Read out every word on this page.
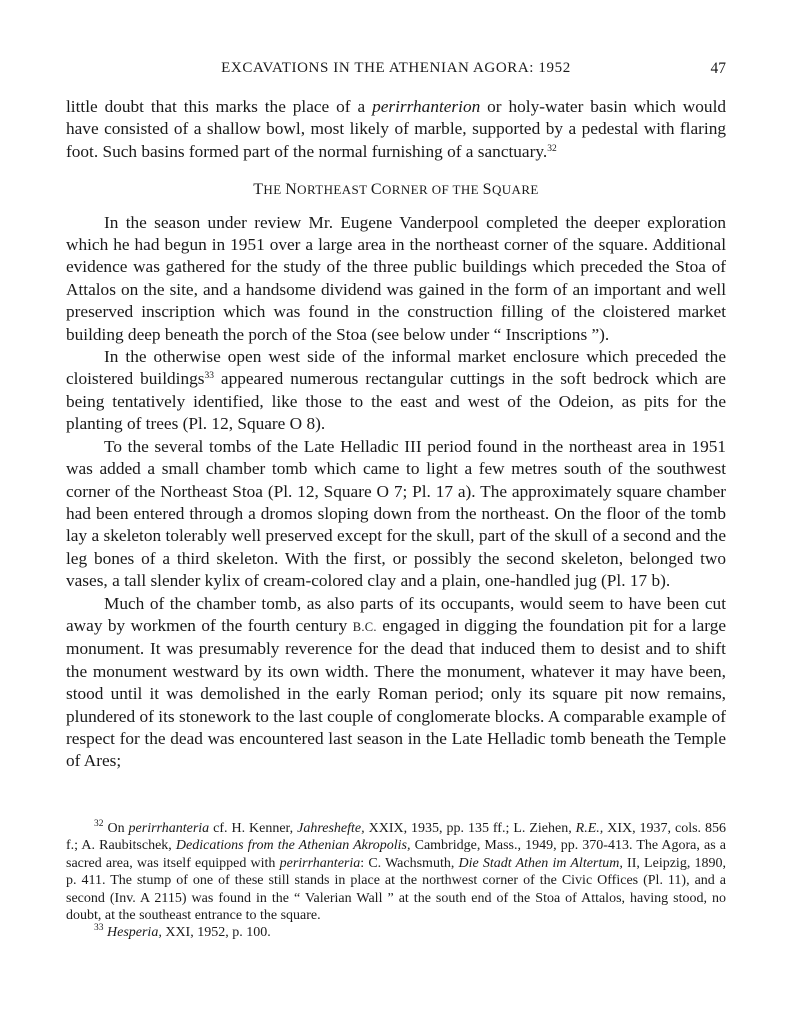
EXCAVATIONS IN THE ATHENIAN AGORA: 1952	47

little doubt that this marks the place of a perirrhanterion or holy-water basin which would have consisted of a shallow bowl, most likely of marble, supported by a pedestal with flaring foot. Such basins formed part of the normal furnishing of a sanctuary.$^{32}$

THE NORTHEAST CORNER OF THE SQUARE

In the season under review Mr. Eugene Vanderpool completed the deeper exploration which he had begun in 1951 over a large area in the northeast corner of the square. Additional evidence was gathered for the study of the three public buildings which preceded the Stoa of Attalos on the site, and a handsome dividend was gained in the form of an important and well preserved inscription which was found in the construction filling of the cloistered market building deep beneath the porch of the Stoa (see below under “ Inscriptions ”).

In the otherwise open west side of the informal market enclosure which preceded the cloistered buildings$^{33}$ appeared numerous rectangular cuttings in the soft bedrock which are being tentatively identified, like those to the east and west of the Odeion, as pits for the planting of trees (Pl. 12, Square O 8).

To the several tombs of the Late Helladic III period found in the northeast area in 1951 was added a small chamber tomb which came to light a few metres south of the southwest corner of the Northeast Stoa (Pl. 12, Square O 7; Pl. 17 a). The approximately square chamber had been entered through a dromos sloping down from the northeast. On the floor of the tomb lay a skeleton tolerably well preserved except for the skull, part of the skull of a second and the leg bones of a third skeleton. With the first, or possibly the second skeleton, belonged two vases, a tall slender kylix of cream-colored clay and a plain, one-handled jug (Pl. 17 b).

Much of the chamber tomb, as also parts of its occupants, would seem to have been cut away by workmen of the fourth century B.C. engaged in digging the foundation pit for a large monument. It was presumably reverence for the dead that induced them to desist and to shift the monument westward by its own width. There the monument, whatever it may have been, stood until it was demolished in the early Roman period; only its square pit now remains, plundered of its stonework to the last couple of conglomerate blocks. A comparable example of respect for the dead was encountered last season in the Late Helladic tomb beneath the Temple of Ares;

$^{32}$ On perirrhanteria cf. H. Kenner, Jahreshefte, XXIX, 1935, pp. 135 ff.; L. Ziehen, R.E., XIX, 1937, cols. 856 f.; A. Raubitschek, Dedications from the Athenian Akropolis, Cambridge, Mass., 1949, pp. 370-413. The Agora, as a sacred area, was itself equipped with perirrhanteria: C. Wachsmuth, Die Stadt Athen im Altertum, II, Leipzig, 1890, p. 411. The stump of one of these still stands in place at the northwest corner of the Civic Offices (Pl. 11), and a second (Inv. A 2115) was found in the “ Valerian Wall ” at the south end of the Stoa of Attalos, having stood, no doubt, at the southeast entrance to the square.

$^{33}$ Hesperia, XXI, 1952, p. 100.
